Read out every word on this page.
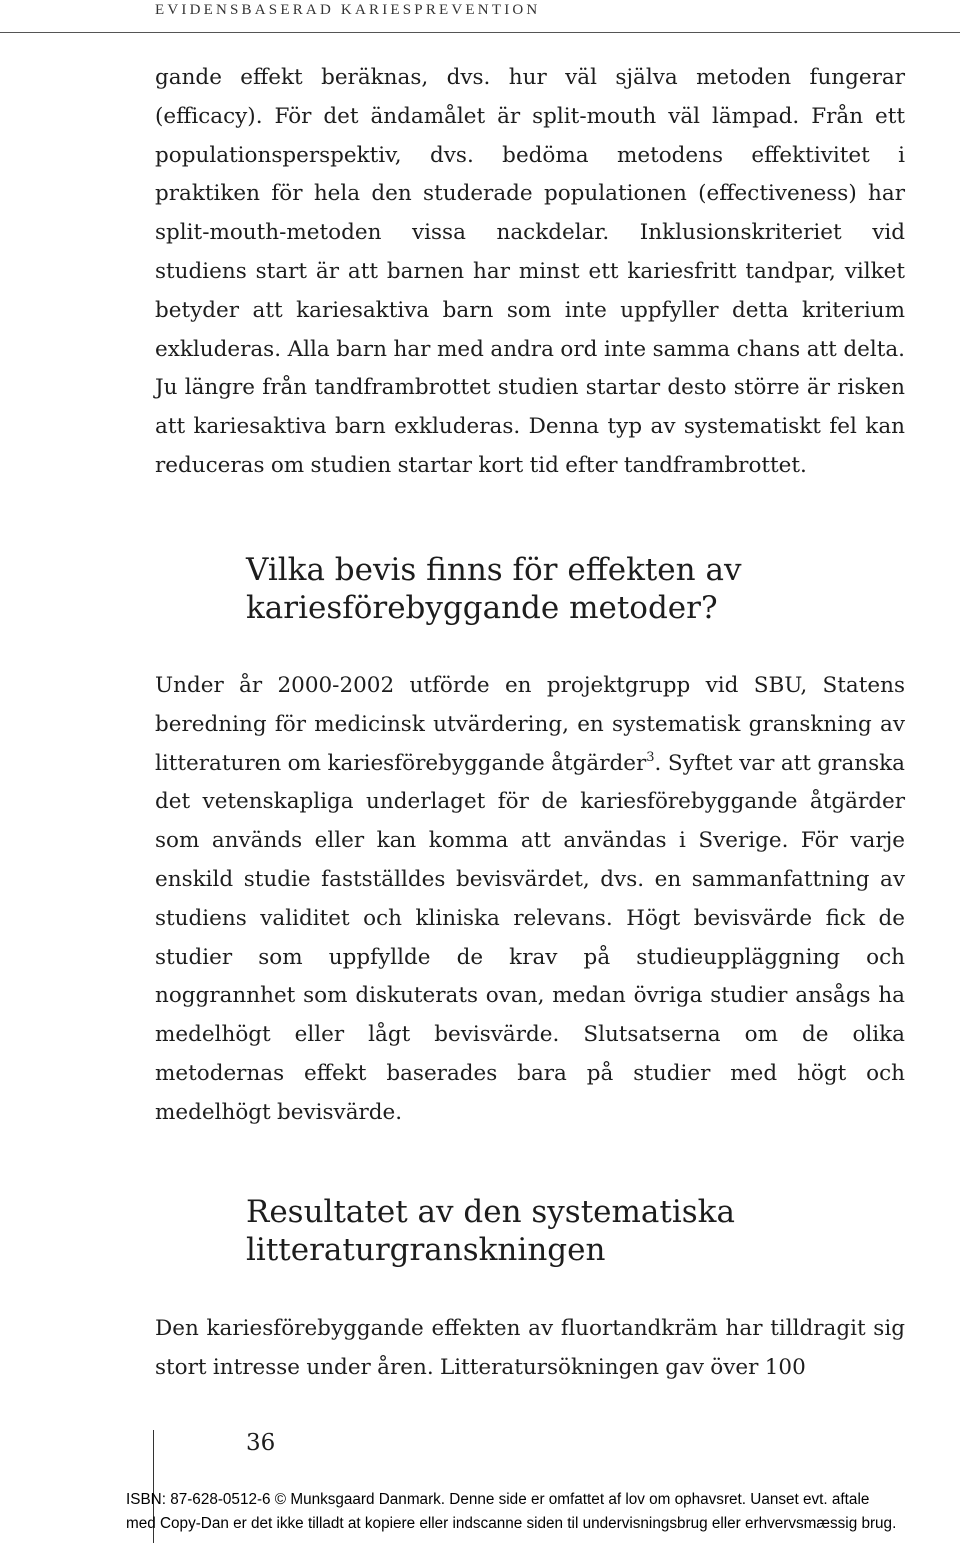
EVIDENSBASERAD KARIESPREVENTION

gande effekt beräknas, dvs. hur väl själva metoden fungerar (efficacy). För det ändamålet är split-mouth väl lämpad. Från ett populationsperspektiv, dvs. bedöma metodens effektivitet i praktiken för hela den studerade populationen (effectiveness) har split-mouth-metoden vissa nackdelar. Inklusionskriteriet vid studiens start är att barnen har minst ett kariesfritt tandpar, vilket betyder att kariesaktiva barn som inte uppfyller detta kriterium exkluderas. Alla barn har med andra ord inte samma chans att delta. Ju längre från tandframbrottet studien startar desto större är risken att kariesaktiva barn exkluderas. Denna typ av systematiskt fel kan reduceras om studien startar kort tid efter tandframbrottet.

Vilka bevis finns för effekten av kariesförebyggande metoder?

Under år 2000-2002 utförde en projektgrupp vid SBU, Statens beredning för medicinsk utvärdering, en systematisk granskning av litteraturen om kariesförebyggande åtgärder$^3$. Syftet var att granska det vetenskapliga underlaget för de kariesförebyggande åtgärder som används eller kan komma att användas i Sverige. För varje enskild studie fastställdes bevisvärdet, dvs. en sammanfattning av studiens validitet och kliniska relevans. Högt bevisvärde fick de studier som uppfyllde de krav på studieuppläggning och noggrannhet som diskuterats ovan, medan övriga studier ansågs ha medelhögt eller lågt bevisvärde. Slutsatserna om de olika metodernas effekt baserades bara på studier med högt och medelhögt bevisvärde.

Resultatet av den systematiska litteraturgranskningen

Den kariesförebyggande effekten av fluortandkräm har tilldragit sig stort intresse under åren. Litteratursökningen gav över 100

36
ISBN: 87-628-0512-6 © Munksgaard Danmark. Denne side er omfattet af lov om ophavsret. Uanset evt. aftale
med Copy-Dan er det ikke tilladt at kopiere eller indscanne siden til undervisningsbrug eller erhvervsmæssig brug.
